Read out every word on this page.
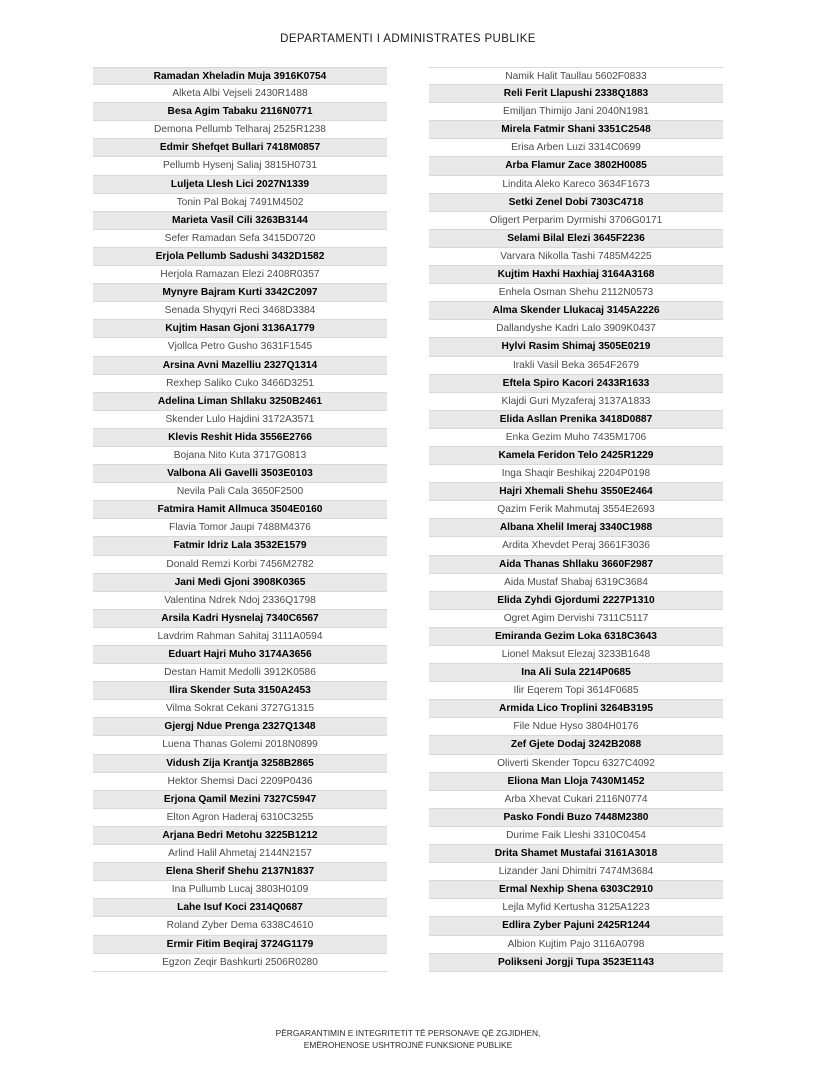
DEPARTAMENTI I ADMINISTRATES PUBLIKE
Ramadan Xheladin Muja 3916K0754
Alketa Albi Vejseli 2430R1488
Besa Agim Tabaku 2116N0771
Demona Pellumb Telharaj 2525R1238
Edmir Shefqet Bullari 7418M0857
Pellumb Hysenj Saliaj 3815H0731
Luljeta Llesh Lici 2027N1339
Tonin Pal Bokaj 7491M4502
Marieta Vasil Cili 3263B3144
Sefer Ramadan Sefa 3415D0720
Erjola Pellumb Sadushi 3432D1582
Herjola Ramazan Elezi 2408R0357
Mynyre Bajram Kurti 3342C2097
Senada Shyqyri Reci 3468D3384
Kujtim Hasan Gjoni 3136A1779
Vjollca Petro Gusho 3631F1545
Arsina Avni Mazelliu 2327Q1314
Rexhep Saliko Cuko 3466D3251
Adelina Liman Shllaku 3250B2461
Skender Lulo Hajdini 3172A3571
Klevis Reshit Hida 3556E2766
Bojana Nito Kuta 3717G0813
Valbona Ali Gavelli 3503E0103
Nevila Pali Cala 3650F2500
Fatmira Hamit Allmuca 3504E0160
Flavia Tomor Jaupi 7488M4376
Fatmir Idriz Lala 3532E1579
Donald Remzi Korbi 7456M2782
Jani Medi Gjoni 3908K0365
Valentina Ndrek Ndoj 2336Q1798
Arsila Kadri Hysnelaj 7340C6567
Lavdrim Rahman Sahitaj 3111A0594
Eduart Hajri Muho 3174A3656
Destan Hamit Medolli 3912K0586
Ilira Skender Suta 3150A2453
Vilma Sokrat Cekani 3727G1315
Gjergj Ndue Prenga 2327Q1348
Luena Thanas Golemi 2018N0899
Vidush Zija Krantja 3258B2865
Hektor Shemsi Daci 2209P0436
Erjona Qamil Mezini 7327C5947
Elton Agron Haderaj 6310C3255
Arjana Bedri Metohu 3225B1212
Arlind Halil Ahmetaj 2144N2157
Elena Sherif Shehu 2137N1837
Ina Pullumb Lucaj 3803H0109
Lahe Isuf Koci 2314Q0687
Roland Zyber Dema 6338C4610
Ermir Fitim Beqiraj 3724G1179
Egzon Zeqir Bashkurti 2506R0280
Namik Halit Taullau 5602F0833
Reli Ferit Llapushi 2338Q1883
Emiljan Thimijo Jani 2040N1981
Mirela Fatmir Shani 3351C2548
Erisa Arben Luzi 3314C0699
Arba Flamur Zace 3802H0085
Lindita Aleko Kareco 3634F1673
Setki Zenel Dobi 7303C4718
Oligert Perparim Dyrmishi 3706G0171
Selami Bilal Elezi 3645F2236
Varvara Nikolla Tashi 7485M4225
Kujtim Haxhi Haxhiaj 3164A3168
Enhela Osman Shehu 2112N0573
Alma Skender Llukacaj 3145A2226
Dallandyshe Kadri Lalo 3909K0437
Hylvi Rasim Shimaj 3505E0219
Irakli Vasil Beka 3654F2679
Eftela Spiro Kacori 2433R1633
Klajdi Guri Myzaferaj 3137A1833
Elida Asllan Prenika 3418D0887
Enka Gezim Muho 7435M1706
Kamela Feridon Telo 2425R1229
Inga Shaqir Beshikaj 2204P0198
Hajri Xhemali Shehu 3550E2464
Qazim Ferik Mahmutaj 3554E2693
Albana Xhelil Imeraj 3340C1988
Ardita Xhevdet Peraj 3661F3036
Aida Thanas Shllaku 3660F2987
Aida Mustaf Shabaj 6319C3684
Elida Zyhdi Gjordumi 2227P1310
Ogret Agim Dervishi 7311C5117
Emiranda Gezim Loka 6318C3643
Lionel Maksut Elezaj 3233B1648
Ina Ali Sula 2214P0685
Ilir Eqerem Topi 3614F0685
Armida Lico Troplini 3264B3195
File Ndue Hyso 3804H0176
Zef Gjete Dodaj 3242B2088
Oliverti Skender Topcu 6327C4092
Eliona Man Lloja 7430M1452
Arba Xhevat Cukari 2116N0774
Pasko Fondi Buzo 7448M2380
Durime Faik Lleshi 3310C0454
Drita Shamet Mustafai 3161A3018
Lizander Jani Dhimitri 7474M3684
Ermal Nexhip Shena 6303C2910
Lejla Myfid Kertusha 3125A1223
Edlira Zyber Pajuni 2425R1244
Albion Kujtim Pajo 3116A0798
Polikseni Jorgji Tupa 3523E1143
PËRGARANTIMIN E INTEGRITETIT TË PERSONAVE QË ZGJIDHEN,
EMËROHENOSE USHTROJNË FUNKSIONE PUBLIKE
